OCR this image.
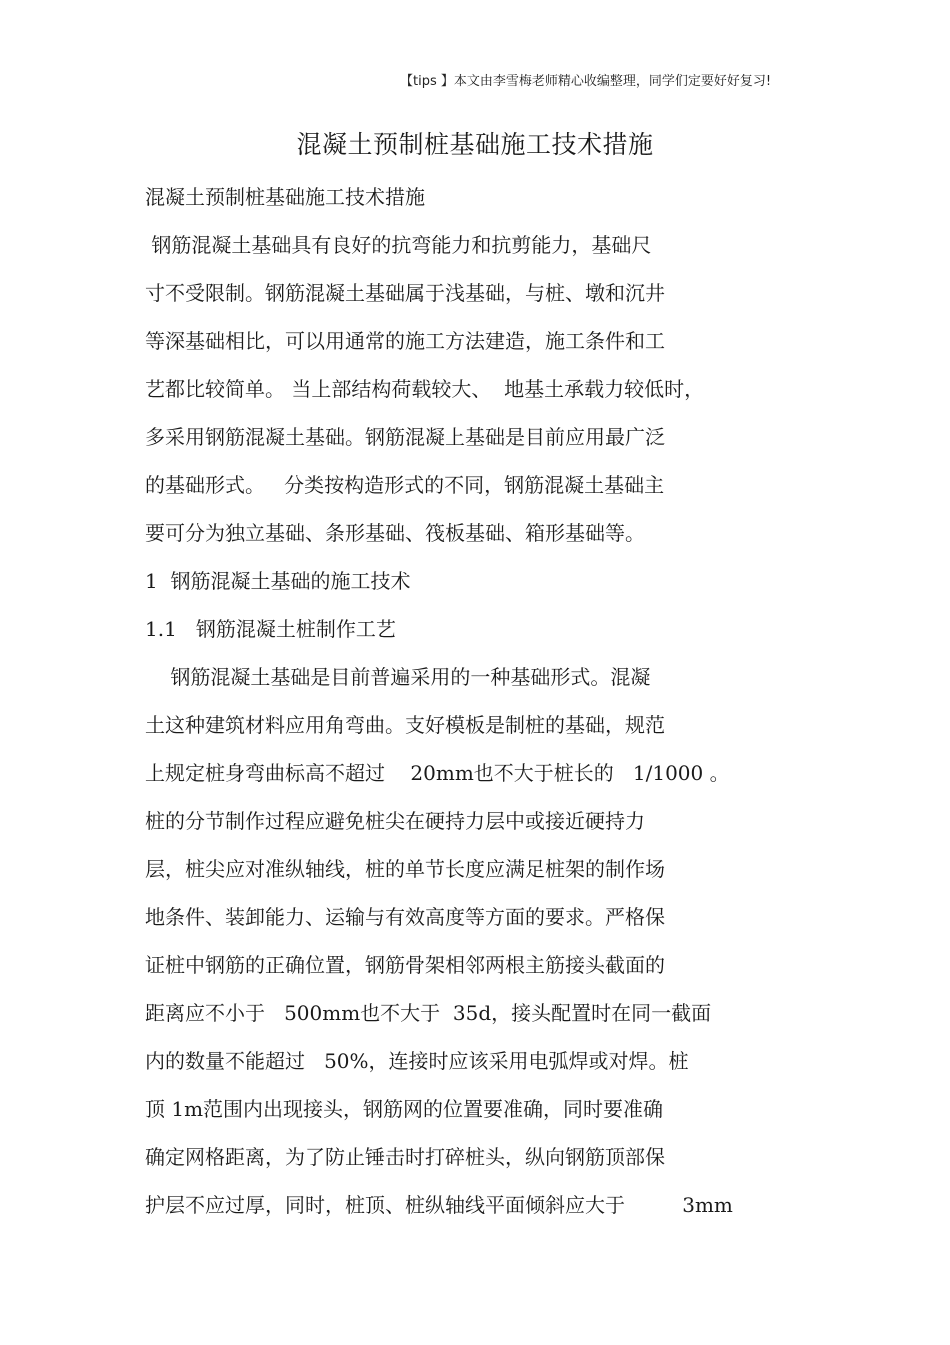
【tips 】本文由李雪梅老师精心收编整理，同学们定要好好复习!
混凝土预制桩基础施工技术措施
混凝土预制桩基础施工技术措施
钢筋混凝土基础具有良好的抗弯能力和抗剪能力，基础尺
寸不受限制。钢筋混凝土基础属于浅基础，与桩、墩和沉井
等深基础相比，可以用通常的施工方法建造，施工条件和工
艺都比较简单。 当上部结构荷载较大、  地基土承载力较低时，
多采用钢筋混凝土基础。钢筋混凝上基础是目前应用最广泛
的基础形式。   分类按构造形式的不同，钢筋混凝土基础主
要可分为独立基础、条形基础、筏板基础、箱形基础等。
1  钢筋混凝土基础的施工技术
1.1   钢筋混凝土桩制作工艺
钢筋混凝土基础是目前普遍采用的一种基础形式。混凝
土这种建筑材料应用角弯曲。支好模板是制桩的基础，规范
上规定桩身弯曲标高不超过    20mm也不大于桩长的   1/1000 。
桩的分节制作过程应避免桩尖在硬持力层中或接近硬持力
层，桩尖应对准纵轴线，桩的单节长度应满足桩架的制作场
地条件、装卸能力、运输与有效高度等方面的要求。严格保
证桩中钢筋的正确位置，钢筋骨架相邻两根主筋接头截面的
距离应不小于   500mm也不大于  35d，接头配置时在同一截面
内的数量不能超过   50%，连接时应该采用电弧焊或对焊。桩
顶 1m范围内出现接头，钢筋网的位置要准确，同时要准确
确定网格距离，为了防止锤击时打碎桩头，纵向钢筋顶部保
护层不应过厚，同时，桩顶、桩纵轴线平面倾斜应大于         3mm
